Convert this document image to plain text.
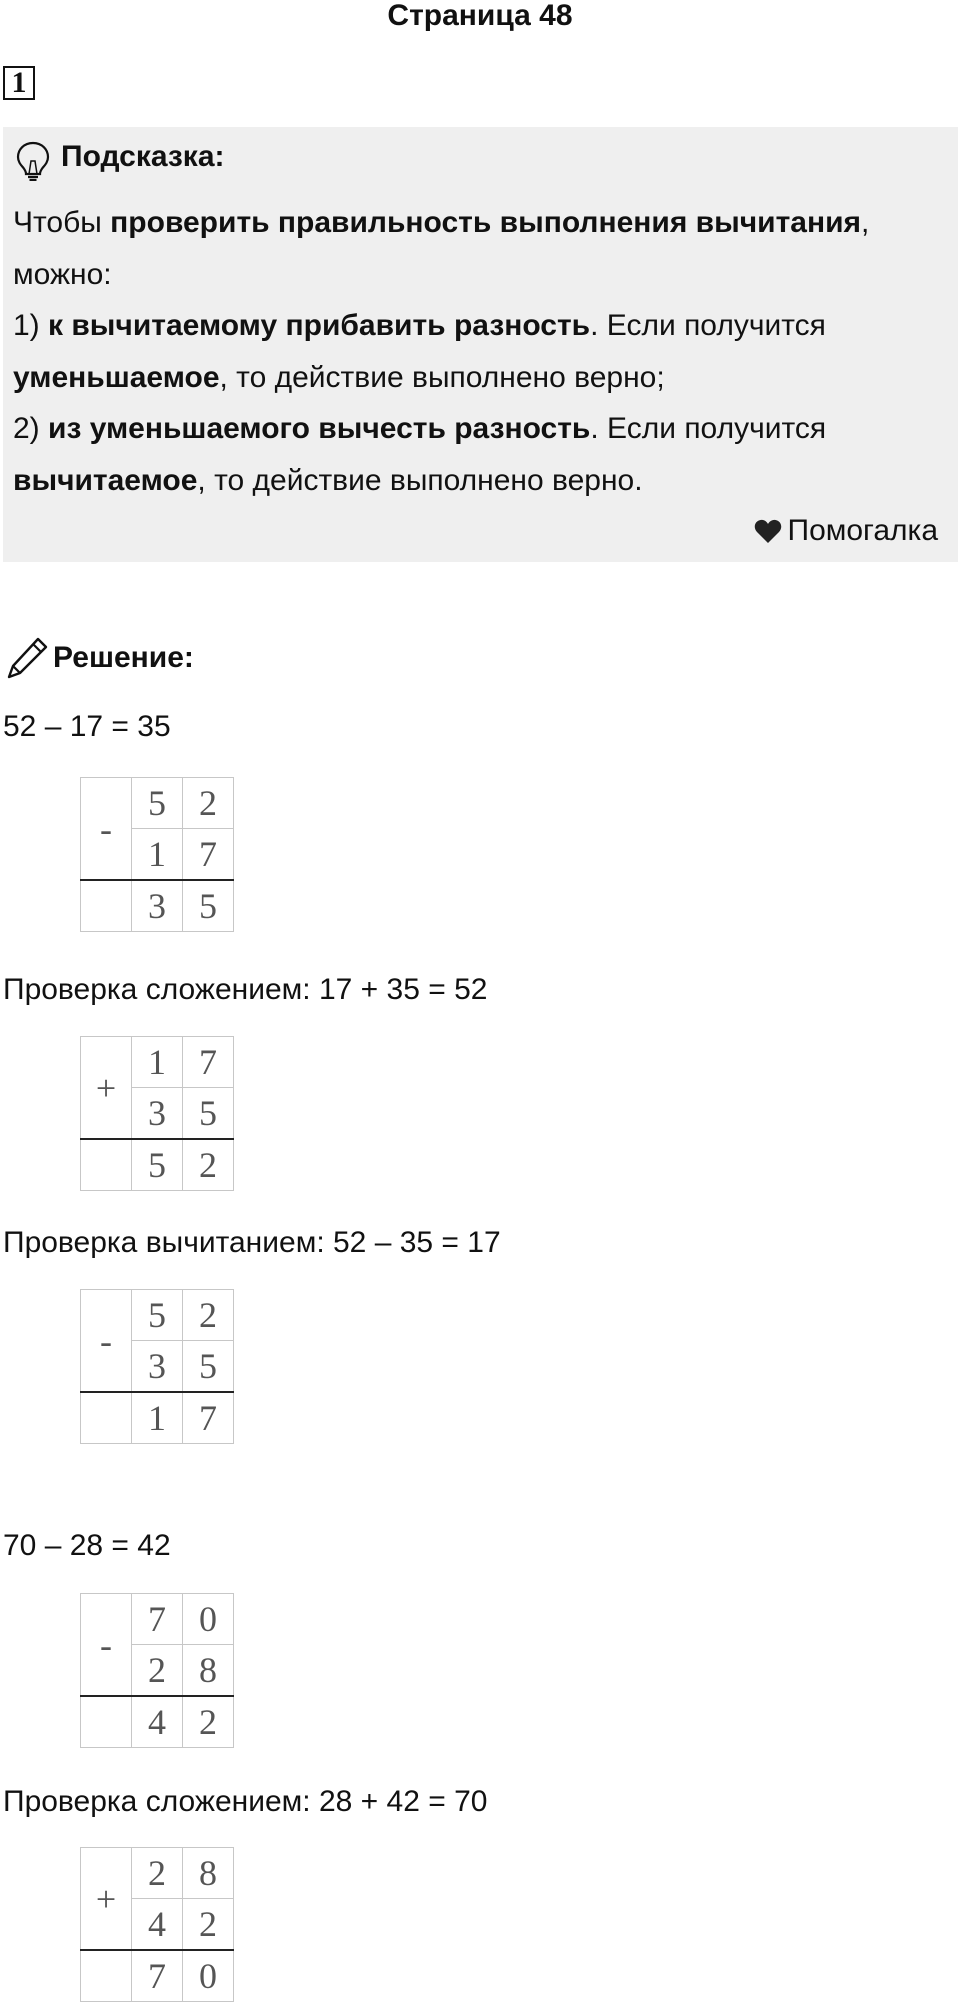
Страница 48
1
Подсказка:
Чтобы проверить правильность выполнения вычитания,
можно:
1) к вычитаемому прибавить разность. Если получится
уменьшаемое, то действие выполнено верно;
2) из уменьшаемого вычесть разность. Если получится
вычитаемое, то действие выполнено верно.
Помогалка
Решение:
52 – 17 = 35
-	5	2
	1	7
	3	5
Проверка сложением: 17 + 35 = 52
+	1	7
	3	5
	5	2
Проверка вычитанием: 52 – 35 = 17
-	5	2
	3	5
	1	7
70 – 28 = 42
-	7	0
	2	8
	4	2
Проверка сложением: 28 + 42 = 70
+	2	8
	4	2
	7	0
